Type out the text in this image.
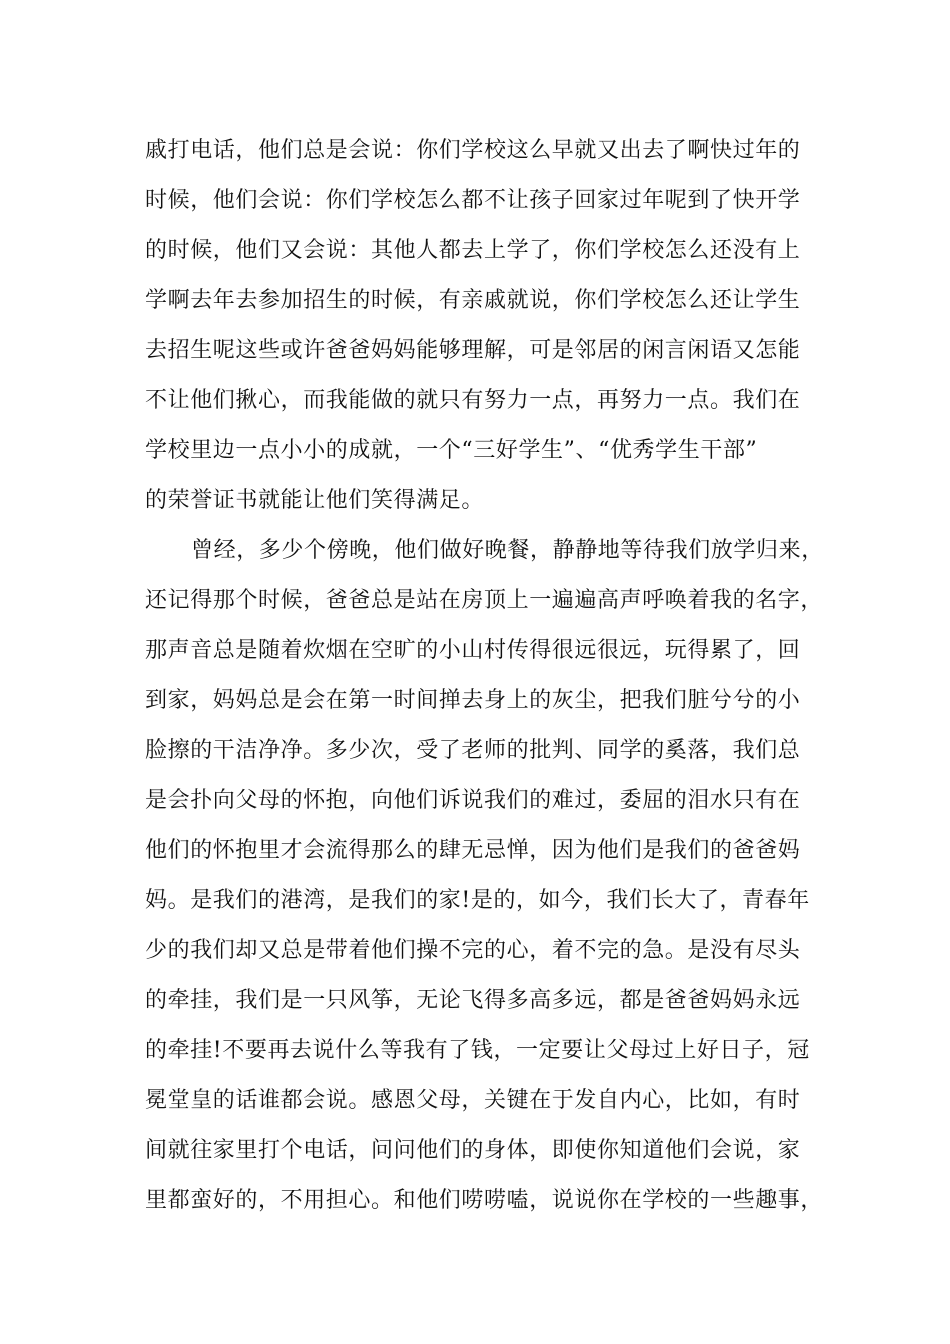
戚打电话，他们总是会说：你们学校这么早就又出去了啊快过年的
时候，他们会说：你们学校怎么都不让孩子回家过年呢到了快开学
的时候，他们又会说：其他人都去上学了，你们学校怎么还没有上
学啊去年去参加招生的时候，有亲戚就说，你们学校怎么还让学生
去招生呢这些或许爸爸妈妈能够理解，可是邻居的闲言闲语又怎能
不让他们揪心，而我能做的就只有努力一点，再努力一点。我们在
学校里边一点小小的成就，一个“三好学生”、“优秀学生干部”
的荣誉证书就能让他们笑得满足。
曾经，多少个傍晚，他们做好晚餐，静静地等待我们放学归来，
还记得那个时候，爸爸总是站在房顶上一遍遍高声呼唤着我的名字，
那声音总是随着炊烟在空旷的小山村传得很远很远，玩得累了，回
到家，妈妈总是会在第一时间掸去身上的灰尘，把我们脏兮兮的小
脸擦的干洁净净。多少次，受了老师的批判、同学的奚落，我们总
是会扑向父母的怀抱，向他们诉说我们的难过，委屈的泪水只有在
他们的怀抱里才会流得那么的肆无忌惮，因为他们是我们的爸爸妈
妈。是我们的港湾，是我们的家!是的，如今，我们长大了，青春年
少的我们却又总是带着他们操不完的心，着不完的急。是没有尽头
的牵挂，我们是一只风筝，无论飞得多高多远，都是爸爸妈妈永远
的牵挂!不要再去说什么等我有了钱，一定要让父母过上好日子，冠
冕堂皇的话谁都会说。感恩父母，关键在于发自内心，比如，有时
间就往家里打个电话，问问他们的身体，即使你知道他们会说，家
里都蛮好的，不用担心。和他们唠唠嗑，说说你在学校的一些趣事，
